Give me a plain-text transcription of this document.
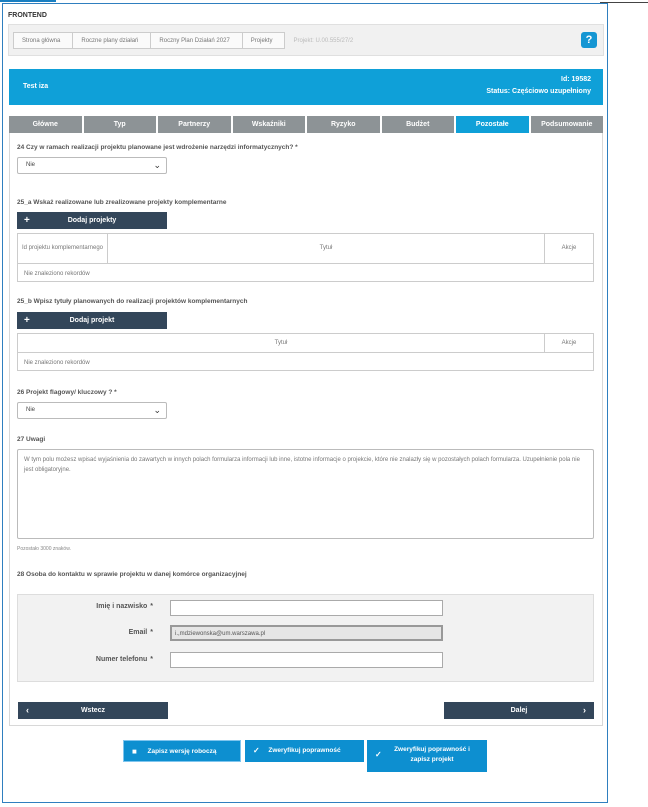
FRONTEND
Strona główna	Roczne plany działań	Roczny Plan Działań 2027	Projekty	Projekt: U.00.555/27/2	?
Test iza
Id: 19582
Status: Częściowo uzupełniony
Główne	Typ	Partnerzy	Wskaźniki	Ryzyko	Budżet	Pozostałe	Podsumowanie
24 Czy w ramach realizacji projektu planowane jest wdrożenie narzędzi informatycznych? *
Nie	⌄
25_a Wskaż realizowane lub zrealizowane projekty komplementarne
+	Dodaj projekty
Id projektu komplementarnego	Tytuł	Akcje
Nie znaleziono rekordów
25_b Wpisz tytuły planowanych do realizacji projektów komplementarnych
+	Dodaj projekt
Tytuł	Akcje
Nie znaleziono rekordów
26 Projekt flagowy/ kluczowy ? *
Nie	⌄
27 Uwagi
W tym polu możesz wpisać wyjaśnienia do zawartych w innych polach formularza informacji lub inne, istotne informacje o projekcie, które nie znalazły się w pozostałych polach formularza. Uzupełnienie pola nie jest obligatoryjne.
Pozostało 3000 znaków.
28 Osoba do kontaktu w sprawie projektu w danej komórce organizacyjnej
Imię i nazwisko *
Email *	i.,mdziewonska@um.warszawa.pl
Numer telefonu *
‹	Wstecz	Dalej	›
■ Zapisz wersję roboczą	✓ Zweryfikuj poprawność	✓
Zweryfikuj poprawność i zapisz projekt
